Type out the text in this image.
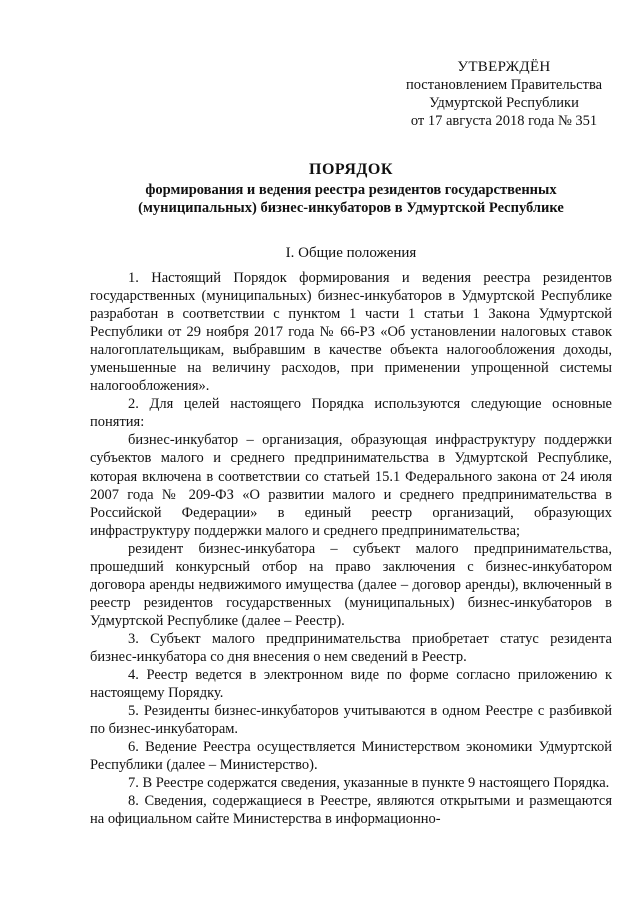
УТВЕРЖДЁН
постановлением Правительства
Удмуртской Республики
от 17 августа 2018 года № 351
ПОРЯДОК
формирования и ведения реестра резидентов государственных (муниципальных) бизнес-инкубаторов в Удмуртской Республике
I. Общие положения

1. Настоящий Порядок формирования и ведения реестра резидентов государственных (муниципальных) бизнес-инкубаторов в Удмуртской Республике разработан в соответствии с пунктом 1 части 1 статьи 1 Закона Удмуртской Республики от 29 ноября 2017 года № 66-РЗ «Об установлении налоговых ставок налогоплательщикам, выбравшим в качестве объекта налогообложения доходы, уменьшенные на величину расходов, при применении упрощенной системы налогообложения».

2. Для целей настоящего Порядка используются следующие основные понятия:

бизнес-инкубатор – организация, образующая инфраструктуру поддержки субъектов малого и среднего предпринимательства в Удмуртской Республике, которая включена в соответствии со статьей 15.1 Федерального закона от 24 июля 2007 года № 209-ФЗ «О развитии малого и среднего предпринимательства в Российской Федерации» в единый реестр организаций, образующих инфраструктуру поддержки малого и среднего предпринимательства;

резидент бизнес-инкубатора – субъект малого предпринимательства, прошедший конкурсный отбор на право заключения с бизнес-инкубатором договора аренды недвижимого имущества (далее – договор аренды), включенный в реестр резидентов государственных (муниципальных) бизнес-инкубаторов в Удмуртской Республике (далее – Реестр).

3. Субъект малого предпринимательства приобретает статус резидента бизнес-инкубатора со дня внесения о нем сведений в Реестр.

4. Реестр ведется в электронном виде по форме согласно приложению к настоящему Порядку.

5. Резиденты бизнес-инкубаторов учитываются в одном Реестре с разбивкой по бизнес-инкубаторам.

6. Ведение Реестра осуществляется Министерством экономики Удмуртской Республики (далее – Министерство).

7. В Реестре содержатся сведения, указанные в пункте 9 настоящего Порядка.

8. Сведения, содержащиеся в Реестре, являются открытыми и размещаются на официальном сайте Министерства в информационно-
